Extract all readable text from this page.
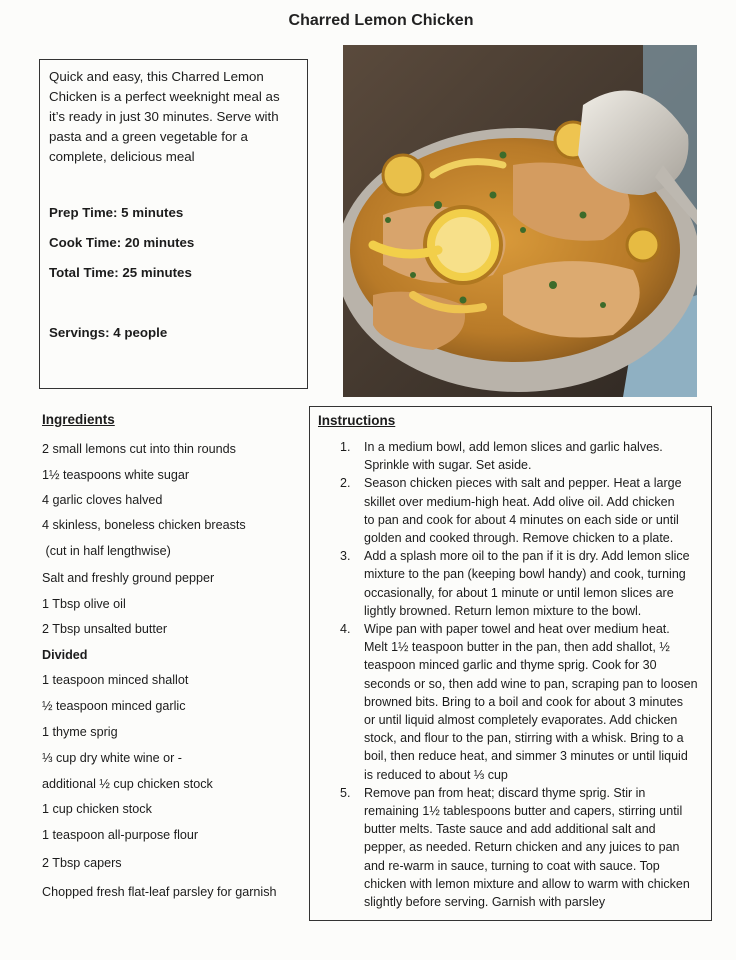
Charred Lemon Chicken

Quick and easy, this Charred Lemon
Chicken is a perfect weeknight meal as
it’s ready in just 30 minutes. Serve with
pasta and a green vegetable for a
complete, delicious meal

Prep Time: 5 minutes
Cook Time: 20 minutes
Total Time: 25 minutes
Servings: 4 people
Ingredients
2 small lemons cut into thin rounds
1½ teaspoons white sugar
4 garlic cloves halved
4 skinless, boneless chicken breasts
(cut in half lengthwise)
Salt and freshly ground pepper
1 Tbsp olive oil
2 Tbsp unsalted butter
Divided
1 teaspoon minced shallot
½ teaspoon minced garlic
1 thyme sprig
⅓ cup dry white wine or -
additional ½ cup chicken stock
1 cup chicken stock
1 teaspoon all-purpose flour
2 Tbsp capers
Chopped fresh flat-leaf parsley for garnish
Instructions
1. In a medium bowl, add lemon slices and garlic halves.
Sprinkle with sugar. Set aside.
2. Season chicken pieces with salt and pepper. Heat a large
skillet over medium-high heat. Add olive oil. Add chicken
to pan and cook for about 4 minutes on each side or until
golden and cooked through. Remove chicken to a plate.
3. Add a splash more oil to the pan if it is dry. Add lemon slice
mixture to the pan (keeping bowl handy) and cook, turning
occasionally, for about 1 minute or until lemon slices are
lightly browned. Return lemon mixture to the bowl.
4. Wipe pan with paper towel and heat over medium heat.
Melt 1½ teaspoon butter in the pan, then add shallot, ½
teaspoon minced garlic and thyme sprig. Cook for 30
seconds or so, then add wine to pan, scraping pan to loosen
browned bits. Bring to a boil and cook for about 3 minutes
or until liquid almost completely evaporates. Add chicken
stock, and flour to the pan, stirring with a whisk. Bring to a
boil, then reduce heat, and simmer 3 minutes or until liquid
is reduced to about ⅓ cup
5. Remove pan from heat; discard thyme sprig. Stir in
remaining 1½ tablespoons butter and capers, stirring until
butter melts. Taste sauce and add additional salt and
pepper, as needed. Return chicken and any juices to pan
and re-warm in sauce, turning to coat with sauce. Top
chicken with lemon mixture and allow to warm with chicken
slightly before serving. Garnish with parsley
